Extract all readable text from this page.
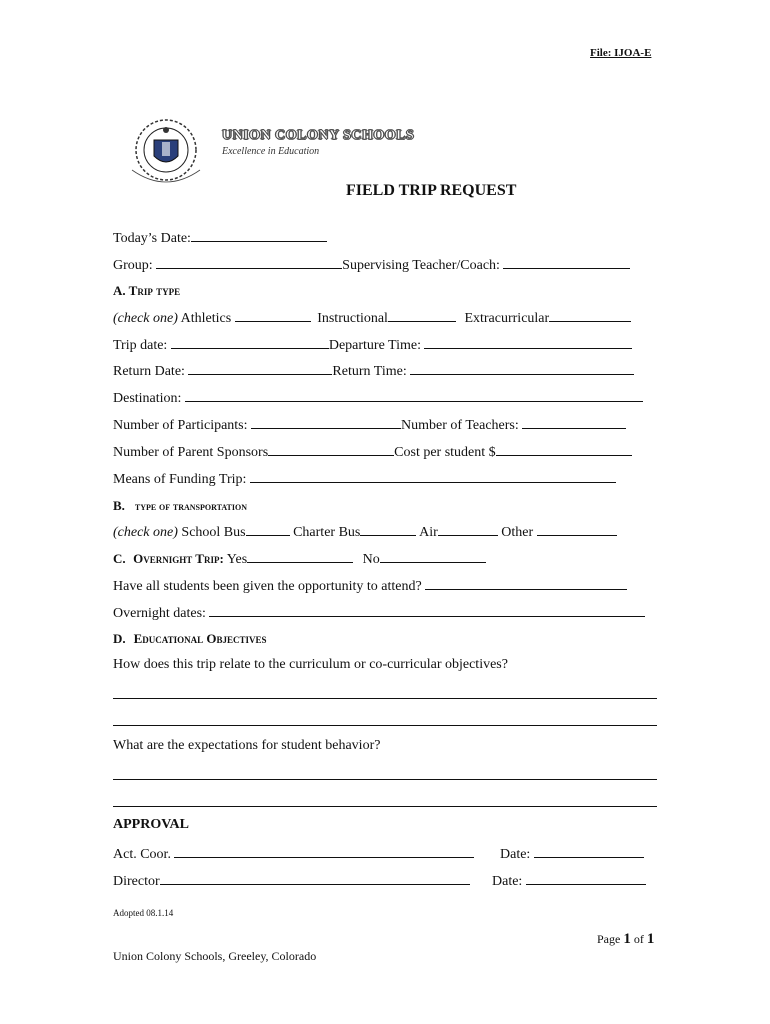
File: IJOA-E
UNION COLONY SCHOOLS
Excellence in Education
FIELD TRIP REQUEST
Today’s Date:
Group:	Supervising Teacher/Coach:
A. Trip type
(check one) Athletics	Instructional	Extracurricular
Trip date:	Departure Time:
Return Date:	Return Time:
Destination:
Number of Participants:	Number of Teachers:
Number of Parent Sponsors	Cost per student $
Means of Funding Trip:
B. type of transportation
(check one) School Bus	Charter Bus	Air	Other
C. Overnight Trip: Yes	No
Have all students been given the opportunity to attend?
Overnight dates:
D. Educational Objectives
How does this trip relate to the curriculum or co-curricular objectives?
What are the expectations for student behavior?
APPROVAL
Act. Coor.	Date:
Director	Date:
Adopted 08.1.14
Page 1 of 1
Union Colony Schools, Greeley, Colorado
